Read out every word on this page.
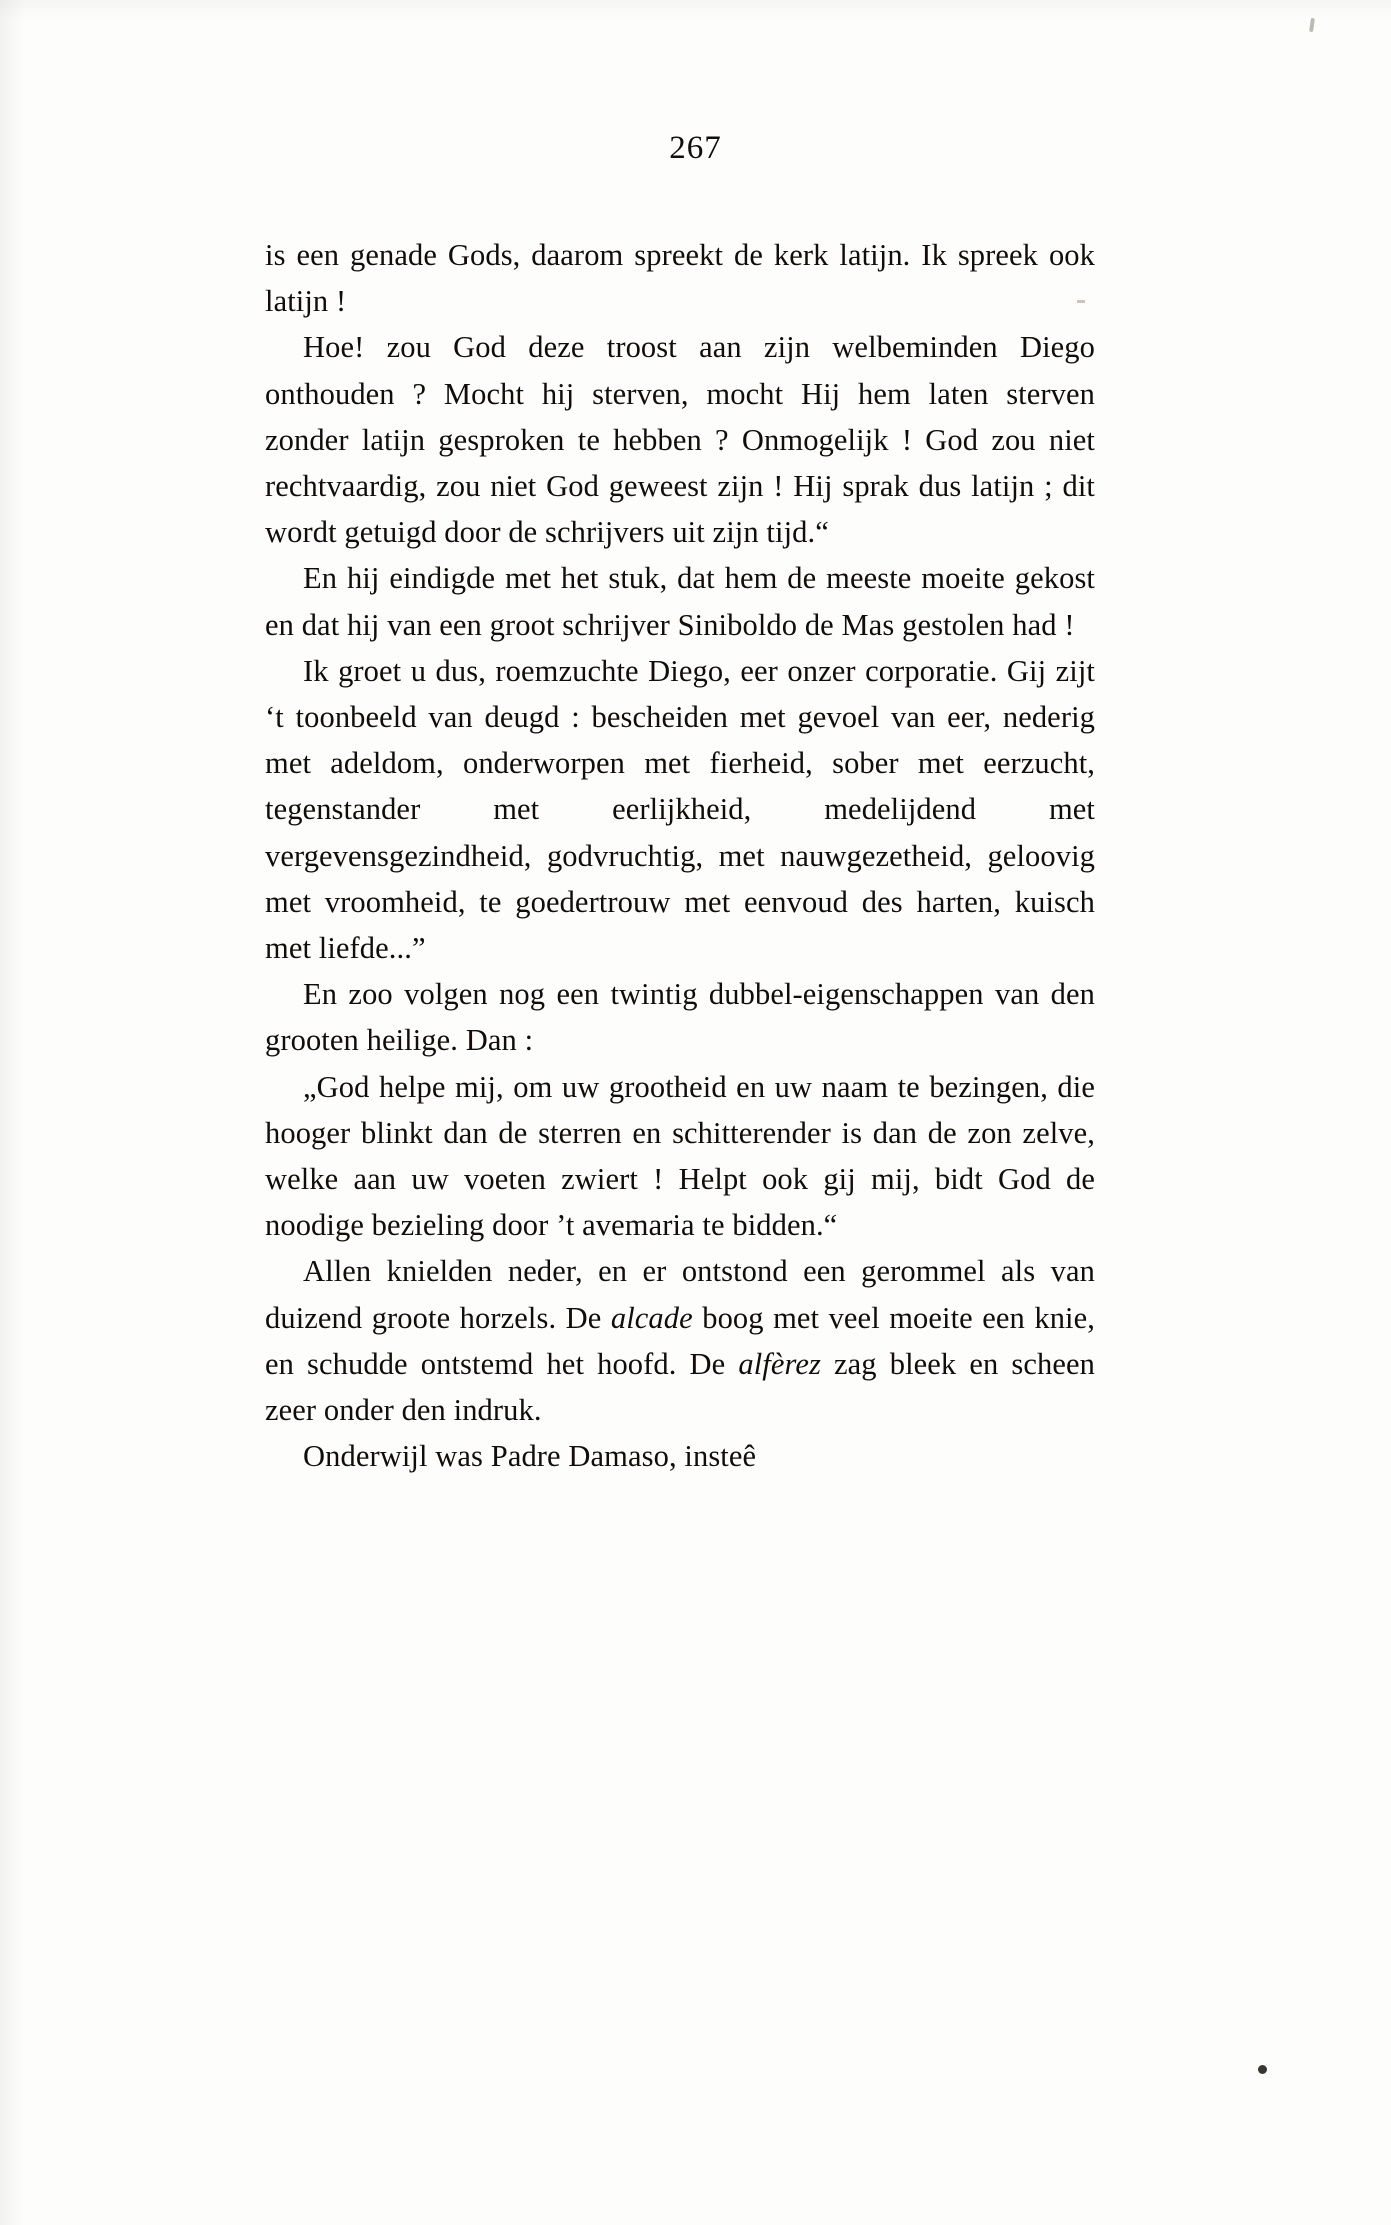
267

is een genade Gods, daarom spreekt de kerk latijn. Ik spreek ook latijn !

Hoe! zou God deze troost aan zijn welbeminden Diego onthouden ? Mocht hij sterven, mocht Hij hem laten sterven zonder latijn gesproken te hebben ? Onmogelijk ! God zou niet rechtvaardig, zou niet God geweest zijn ! Hij sprak dus latijn ; dit wordt getuigd door de schrijvers uit zijn tijd.“

En hij eindigde met het stuk, dat hem de meeste moeite gekost en dat hij van een groot schrijver Siniboldo de Mas gestolen had !

Ik groet u dus, roemzuchte Diego, eer onzer corporatie. Gij zijt ‘t toonbeeld van deugd : bescheiden met gevoel van eer, nederig met adeldom, onderworpen met fierheid, sober met eerzucht, tegenstander met eerlijkheid, medelijdend met vergevensgezindheid, godvruchtig, met nauwgezetheid, geloovig met vroomheid, te goedertrouw met eenvoud des harten, kuisch met liefde...”

En zoo volgen nog een twintig dubbel-eigenschappen van den grooten heilige. Dan :

„God helpe mij, om uw grootheid en uw naam te bezingen, die hooger blinkt dan de sterren en schitterender is dan de zon zelve, welke aan uw voeten zwiert ! Helpt ook gij mij, bidt God de noodige bezieling door ’t avemaria te bidden.“

Allen knielden neder, en er ontstond een gerommel als van duizend groote horzels. De alcade boog met veel moeite een knie, en schudde ontstemd het hoofd. De alfèrez zag bleek en scheen zeer onder den indruk.

Onderwijl was Padre Damaso, insteê
